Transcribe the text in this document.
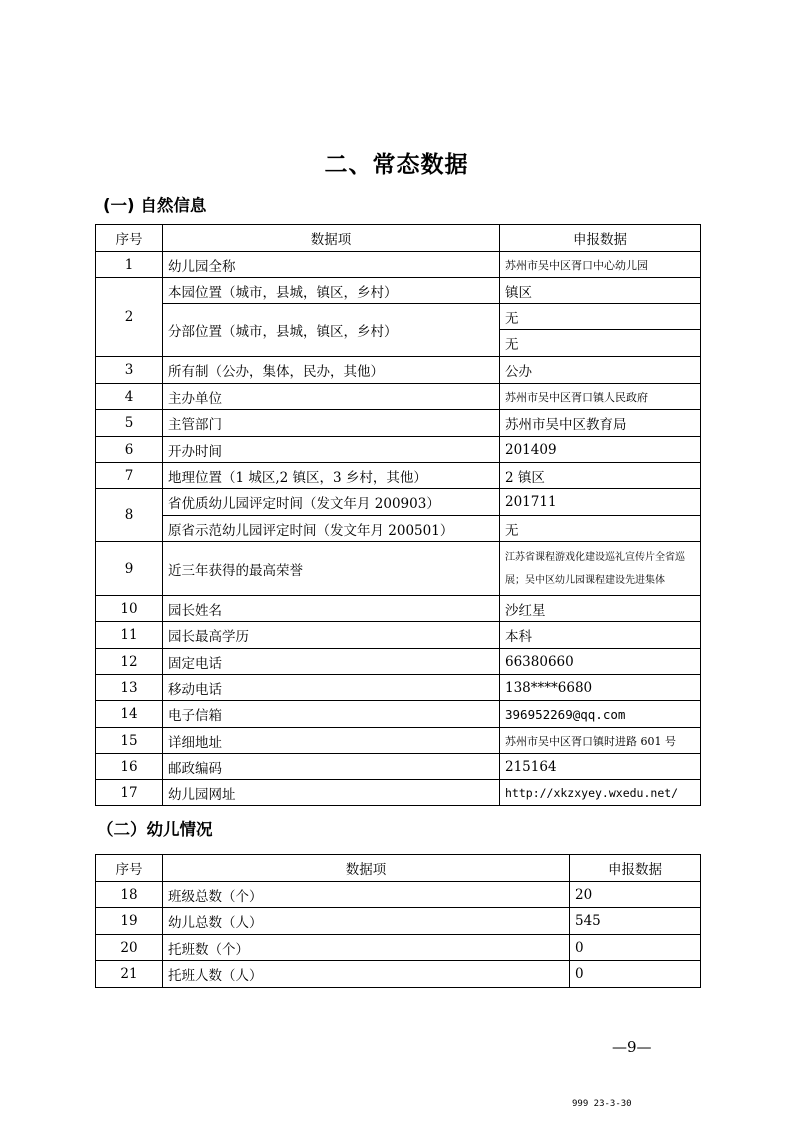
二、常态数据
(一) 自然信息
序号	数据项	申报数据
1	幼儿园全称	苏州市吴中区胥口中心幼儿园
2	本园位置（城市，县城，镇区，乡村）	镇区
	分部位置（城市，县城，镇区，乡村）	无
		无
3	所有制（公办，集体，民办，其他）	公办
4	主办单位	苏州市吴中区胥口镇人民政府
5	主管部门	苏州市吴中区教育局
6	开办时间	201409
7	地理位置（1 城区,2 镇区，3 乡村，其他）	2 镇区
8	省优质幼儿园评定时间（发文年月 200903）	201711
	原省示范幼儿园评定时间（发文年月 200501）	无
9	近三年获得的最高荣誉	江苏省课程游戏化建设巡礼宣传片全省巡展；吴中区幼儿园课程建设先进集体
10	园长姓名	沙红星
11	园长最高学历	本科
12	固定电话	66380660
13	移动电话	138****6680
14	电子信箱	396952269@qq.com
15	详细地址	苏州市吴中区胥口镇时进路 601 号
16	邮政编码	215164
17	幼儿园网址	http://xkzxyey.wxedu.net/
（二）幼儿情况
序号	数据项	申报数据
18	班级总数（个）	20
19	幼儿总数（人）	545
20	托班数（个）	0
21	托班人数（人）	0
—9—
999 23-3-30
